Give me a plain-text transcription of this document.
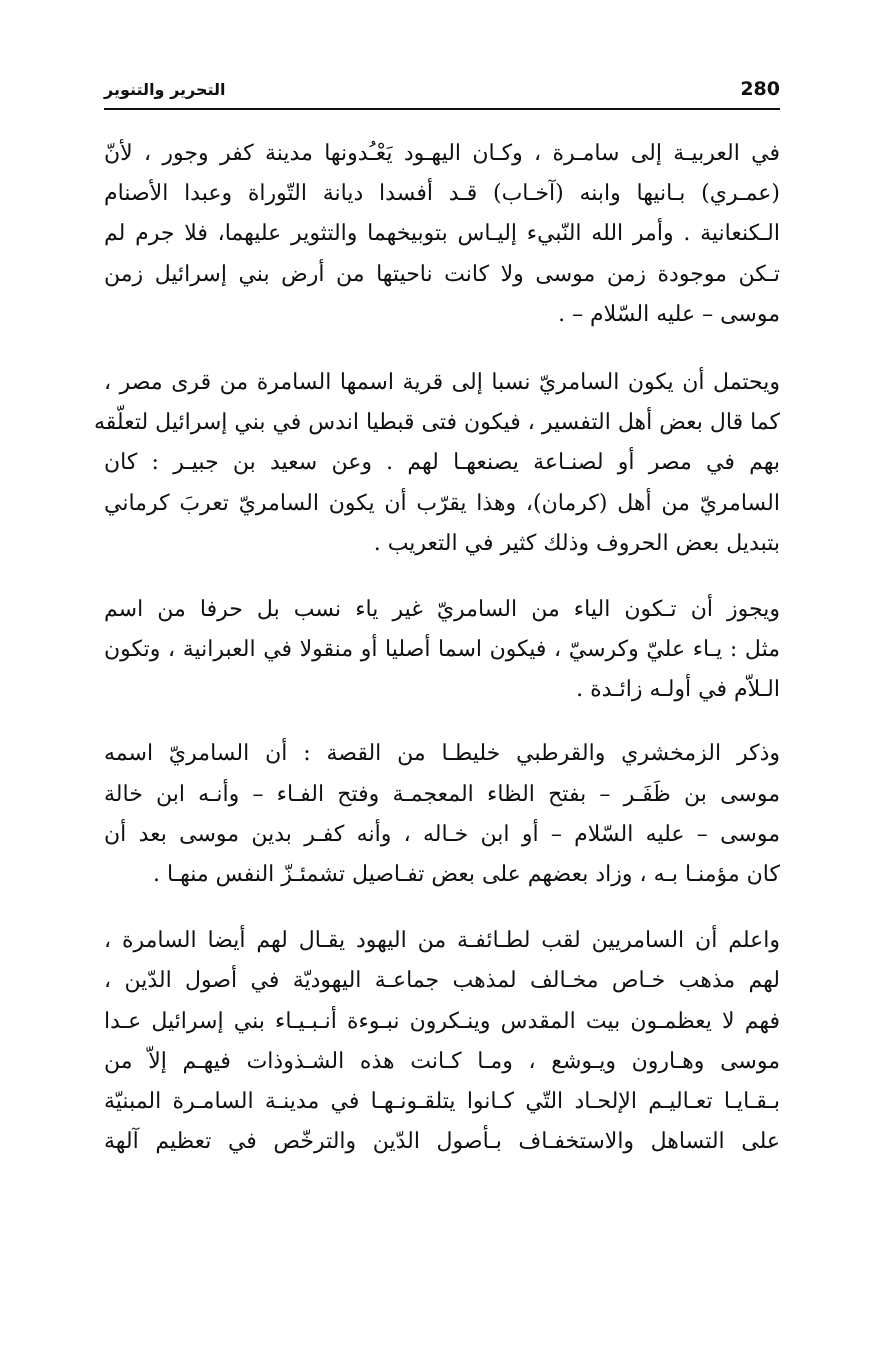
280
التحرير والتنوير

في العربيـة إلى سامـرة ، وكـان اليهـود يَعْـُدونها مدينة كفر وجور ، لأنّ
(عمـري) بـانيها وابنه (آخـاب) قـد أفسدا ديانة التّوراة وعبدا الأصنام
الـكنعانية . وأمر الله النّبيء إليـاس بتوبيخهما والتثوير عليهما، فلا جرم لم
تـكن موجودة زمن موسى ولا كانت ناحيتها من أرض بني إسرائيل زمن
موسى – عليه السّلام – .

ويحتمل أن يكون السامريّ نسبا إلى قرية اسمها السامرة من قرى مصر ،
كما قال بعض أهل التفسير ، فيكون فتى قبطيا اندس في بني إسرائيل لتعلّقه
بهم في مصر أو لصنـاعة يصنعهـا لهم . وعن سعيد بن جبيـر : كان
السامريّ من أهل (كرمان)، وهذا يقرّب أن يكون السامريّ تعربَ كرماني
بتبديل بعض الحروف وذلك كثير في التعريب .

ويجوز أن تـكون الياء من السامريّ غير ياء نسب بل حرفا من اسم
مثل : يـاء عليّ وكرسيّ ، فيكون اسما أصليا أو منقولا في العبرانية ، وتكون
الـلاّم في أولـه زائـدة .

وذكر الزمخشري والقرطبي خليطـا من القصة : أن السامريّ اسمه
موسى بن ظَفَـر – بفتح الظاء المعجمـة وفتح الفـاء – وأنـه ابن خالة
موسى – عليه السّلام – أو ابن خـاله ، وأنه كفـر بدين موسى بعد أن
كان مؤمنـا بـه ، وزاد بعضهم على بعض تفـاصيل تشمئـزّ النفس منهـا .

واعلم أن السامريين لقب لطـائفـة من اليهود يقـال لهم أيضا السامرة ،
لهم مذهب خـاص مخـالف لمذهب جماعـة اليهوديّة في أصول الدّين ،
فهم لا يعظمـون بيت المقدس وينـكرون نبـوءة أنـبـيـاء بني إسرائيل عـدا
موسى وهـارون ويـوشع ، ومـا كـانت هذه الشـذوذات فيهـم إلاّ من
بـقـايـا تعـاليـم الإلحـاد التّي كـانوا يتلقـونـهـا في مدينـة السامـرة المبنيّة
على التساهل والاستخفـاف بـأصول الدّين والترخّص في تعظيم آلهة
